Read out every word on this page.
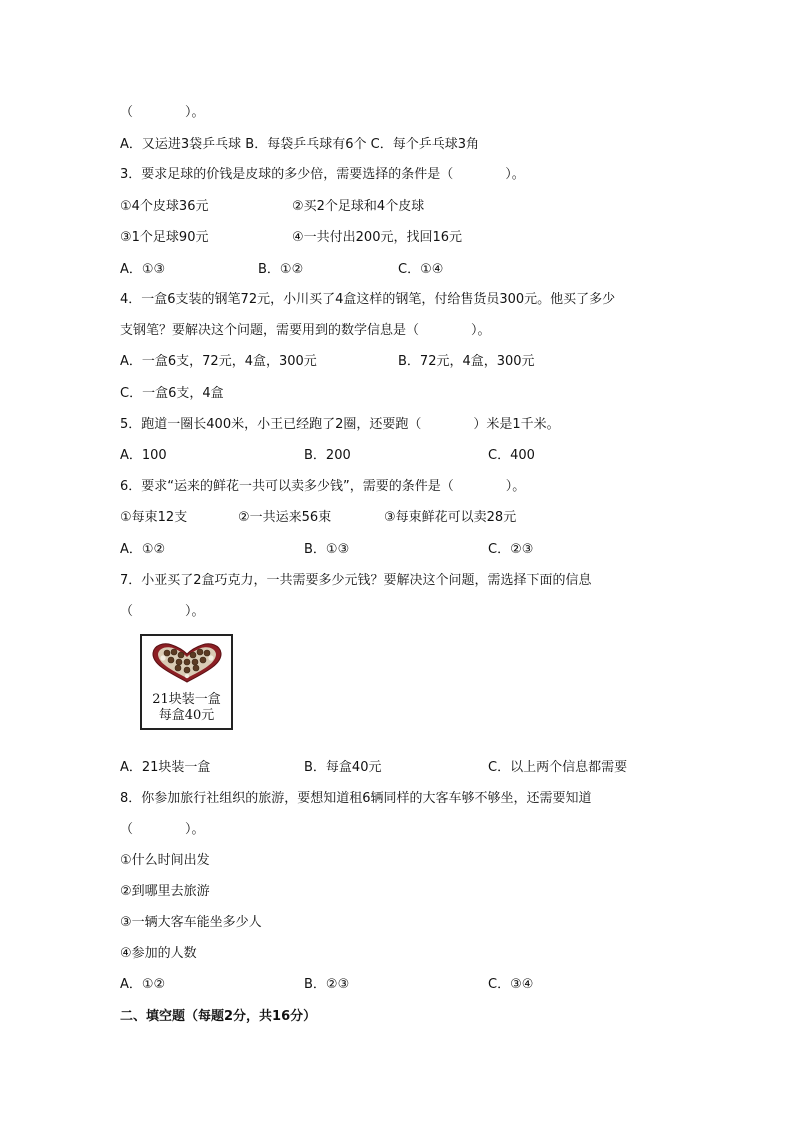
（　　　　）。
A．又运进3袋乒乓球 B．每袋乒乓球有6个 C．每个乒乓球3角
3．要求足球的价钱是皮球的多少倍，需要选择的条件是（　　　　）。
①4个皮球36元	②买2个足球和4个皮球
③1个足球90元	④一共付出200元，找回16元
A．①③	B．①②	C．①④
4．一盒6支装的钢笔72元，小川买了4盒这样的钢笔，付给售货员300元。他买了多少
支钢笔？要解决这个问题，需要用到的数学信息是（　　　　）。
A．一盒6支，72元，4盒，300元	B．72元，4盒，300元
C．一盒6支，4盒
5．跑道一圈长400米，小王已经跑了2圈，还要跑（　　　　）米是1千米。
A．100	B．200	C．400
6．要求“运来的鲜花一共可以卖多少钱”，需要的条件是（　　　　）。
①每束12支	②一共运来56束	③每束鲜花可以卖28元
A．①②	B．①③	C．②③
7．小亚买了2盒巧克力，一共需要多少元钱？要解决这个问题，需选择下面的信息
（　　　　）。
21块装一盒
每盒40元
A．21块装一盒	B．每盒40元	C．以上两个信息都需要
8．你参加旅行社组织的旅游，要想知道租6辆同样的大客车够不够坐，还需要知道
（　　　　）。
①什么时间出发
②到哪里去旅游
③一辆大客车能坐多少人
④参加的人数
A．①②	B．②③	C．③④
二、填空题（每题2分，共16分）
